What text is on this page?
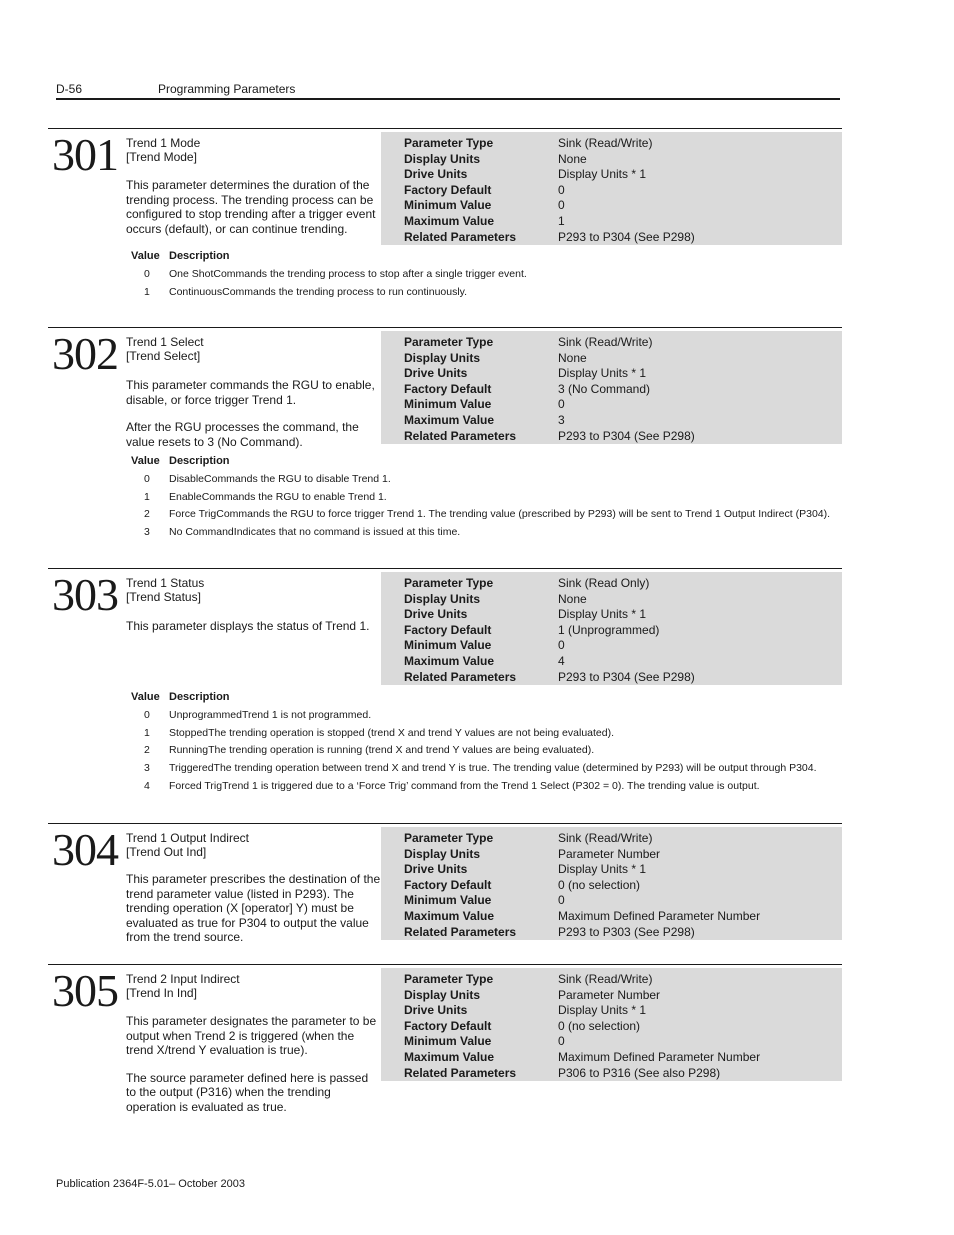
D-56	Programming Parameters
301 Trend 1 Mode
[Trend Mode]

This parameter determines the duration of the trending process. The trending process can be configured to stop trending after a trigger event occurs (default), or can continue trending.

Parameter Type	Sink (Read/Write)
Display Units	None
Drive Units	Display Units * 1
Factory Default	0
Minimum Value	0
Maximum Value	1
Related Parameters	P293 to P304 (See P298)
Value Description
0 One ShotCommands the trending process to stop after a single trigger event.
1 ContinuousCommands the trending process to run continuously.
302 Trend 1 Select
[Trend Select]

This parameter commands the RGU to enable, disable, or force trigger Trend 1.

After the RGU processes the command, the value resets to 3 (No Command).

Parameter Type	Sink (Read/Write)
Display Units	None
Drive Units	Display Units * 1
Factory Default	3 (No Command)
Minimum Value	0
Maximum Value	3
Related Parameters	P293 to P304 (See P298)
Value Description
0 DisableCommands the RGU to disable Trend 1.
1 EnableCommands the RGU to enable Trend 1.
2 Force TrigCommands the RGU to force trigger Trend 1. The trending value (prescribed by P293) will be sent to Trend 1 Output Indirect (P304).
3 No CommandIndicates that no command is issued at this time.
303 Trend 1 Status
[Trend Status]

This parameter displays the status of Trend 1.

Parameter Type	Sink (Read Only)
Display Units	None
Drive Units	Display Units * 1
Factory Default	1 (Unprogrammed)
Minimum Value	0
Maximum Value	4
Related Parameters	P293 to P304 (See P298)
Value Description
0 UnprogrammedTrend 1 is not programmed.
1 StoppedThe trending operation is stopped (trend X and trend Y values are not being evaluated).
2 RunningThe trending operation is running (trend X and trend Y values are being evaluated).
3 TriggeredThe trending operation between trend X and trend Y is true. The trending value (determined by P293) will be output through P304.
4 Forced TrigTrend 1 is triggered due to a ‘Force Trig’ command from the Trend 1 Select (P302 = 0). The trending value is output.
304 Trend 1 Output Indirect
[Trend Out Ind]

This parameter prescribes the destination of the trend parameter value (listed in P293). The trending operation (X [operator] Y) must be evaluated as true for P304 to output the value from the trend source.

Parameter Type	Sink (Read/Write)
Display Units	Parameter Number
Drive Units	Display Units * 1
Factory Default	0 (no selection)
Minimum Value	0
Maximum Value	Maximum Defined Parameter Number
Related Parameters	P293 to P303 (See P298)
305 Trend 2 Input Indirect
[Trend In Ind]

This parameter designates the parameter to be output when Trend 2 is triggered (when the trend X/trend Y evaluation is true).

The source parameter defined here is passed to the output (P316) when the trending operation is evaluated as true.

Parameter Type	Sink (Read/Write)
Display Units	Parameter Number
Drive Units	Display Units * 1
Factory Default	0 (no selection)
Minimum Value	0
Maximum Value	Maximum Defined Parameter Number
Related Parameters	P306 to P316 (See also P298)
Publication 2364F-5.01– October 2003
